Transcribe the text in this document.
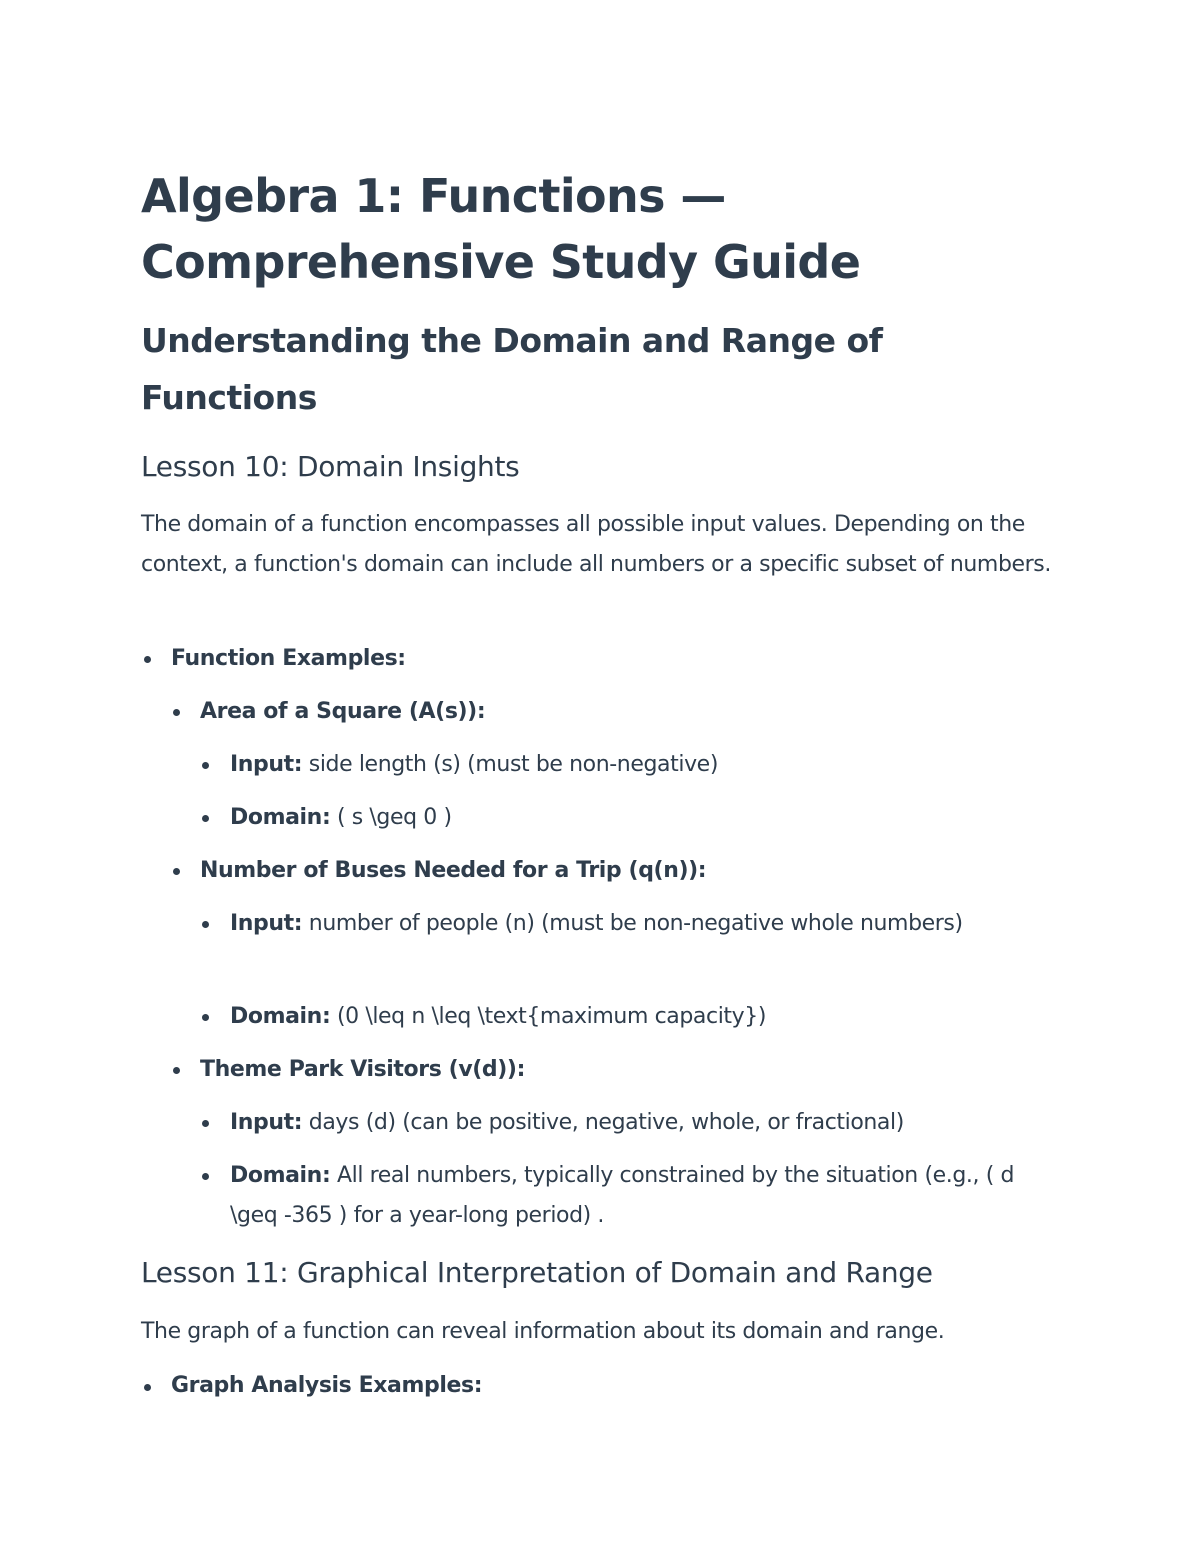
Algebra 1: Functions — Comprehensive Study Guide
Understanding the Domain and Range of Functions
Lesson 10: Domain Insights

The domain of a function encompasses all possible input values. Depending on the context, a function's domain can include all numbers or a specific subset of numbers.

Function Examples:

Area of a Square (A(s)):

Input: side length (s) (must be non-negative)

Domain: ( s \geq 0 )

Number of Buses Needed for a Trip (q(n)):

Input: number of people (n) (must be non-negative whole numbers)

Domain: (0 \leq n \leq \text{maximum capacity})

Theme Park Visitors (v(d)):

Input: days (d) (can be positive, negative, whole, or fractional)

Domain: All real numbers, typically constrained by the situation (e.g., ( d \geq -365 ) for a year-long period) .

Lesson 11: Graphical Interpretation of Domain and Range

The graph of a function can reveal information about its domain and range.

Graph Analysis Examples:
